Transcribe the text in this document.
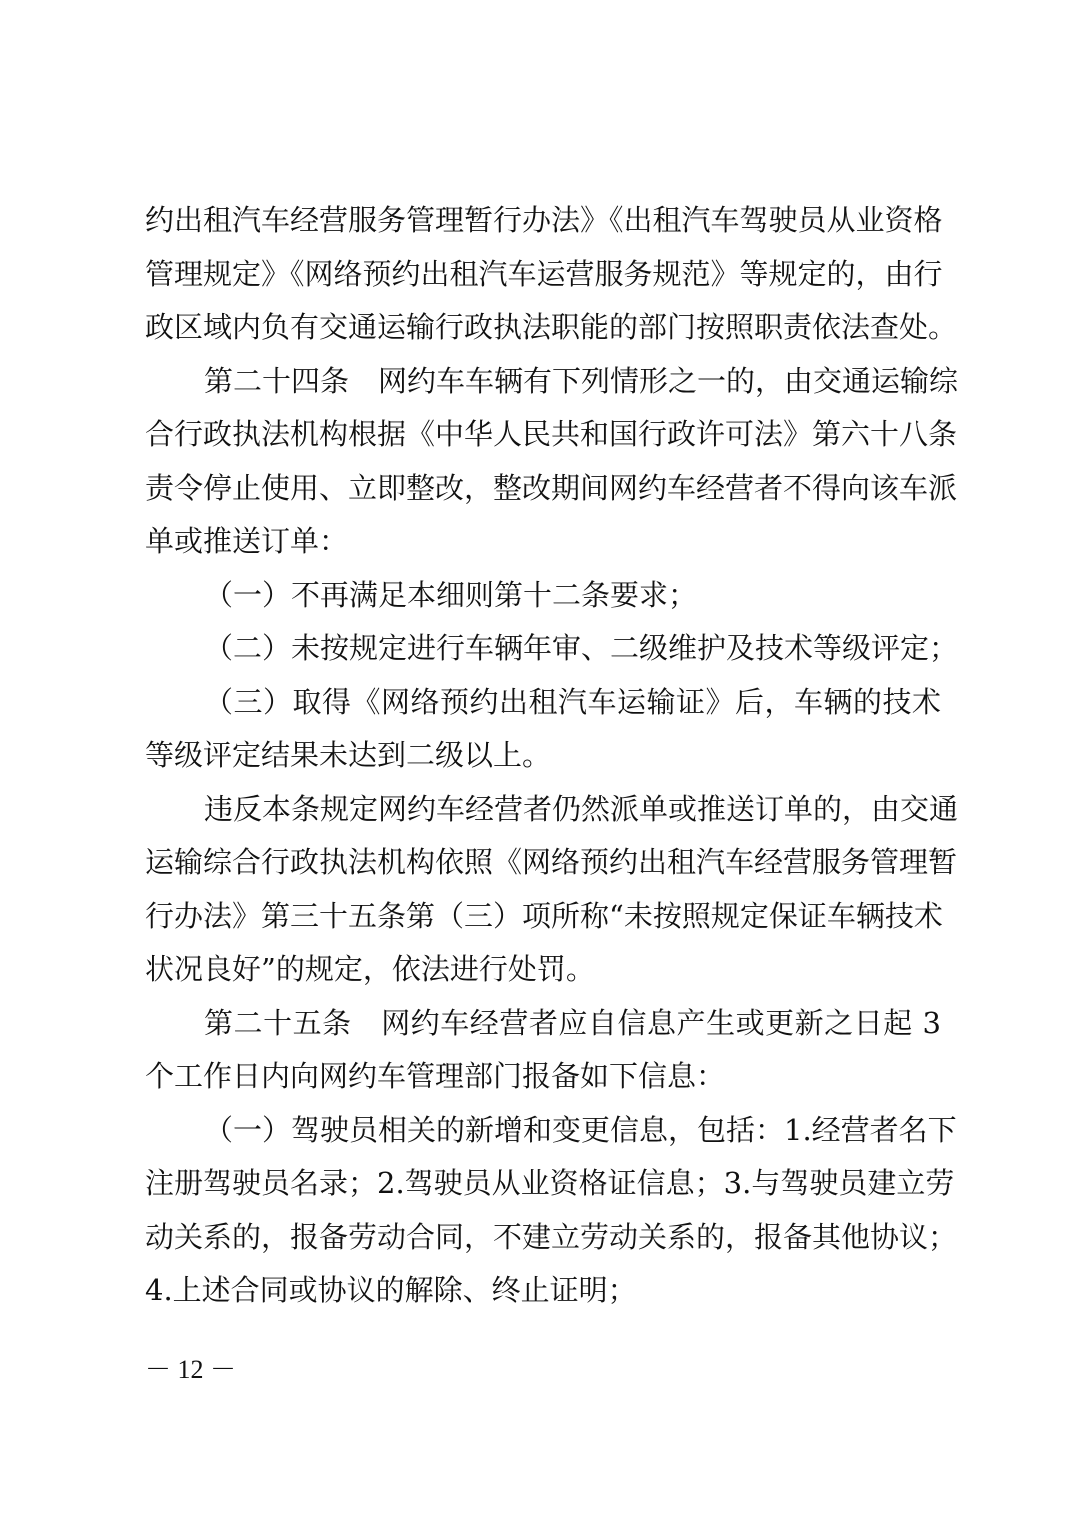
约出租汽车经营服务管理暂行办法》《出租汽车驾驶员从业资格
管理规定》《网络预约出租汽车运营服务规范》等规定的，由行
政区域内负有交通运输行政执法职能的部门按照职责依法查处。
第二十四条　网约车车辆有下列情形之一的，由交通运输综
合行政执法机构根据《中华人民共和国行政许可法》第六十八条
责令停止使用、立即整改，整改期间网约车经营者不得向该车派
单或推送订单：
（一）不再满足本细则第十二条要求；
（二）未按规定进行车辆年审、二级维护及技术等级评定；
（三）取得《网络预约出租汽车运输证》后，车辆的技术
等级评定结果未达到二级以上。
违反本条规定网约车经营者仍然派单或推送订单的，由交通
运输综合行政执法机构依照《网络预约出租汽车经营服务管理暂
行办法》第三十五条第（三）项所称“未按照规定保证车辆技术
状况良好”的规定，依法进行处罚。
第二十五条　网约车经营者应自信息产生或更新之日起 3
个工作日内向网约车管理部门报备如下信息：
（一）驾驶员相关的新增和变更信息，包括：1.经营者名下
注册驾驶员名录；2.驾驶员从业资格证信息；3.与驾驶员建立劳
动关系的，报备劳动合同，不建立劳动关系的，报备其他协议；
4.上述合同或协议的解除、终止证明；
－ 12 －
